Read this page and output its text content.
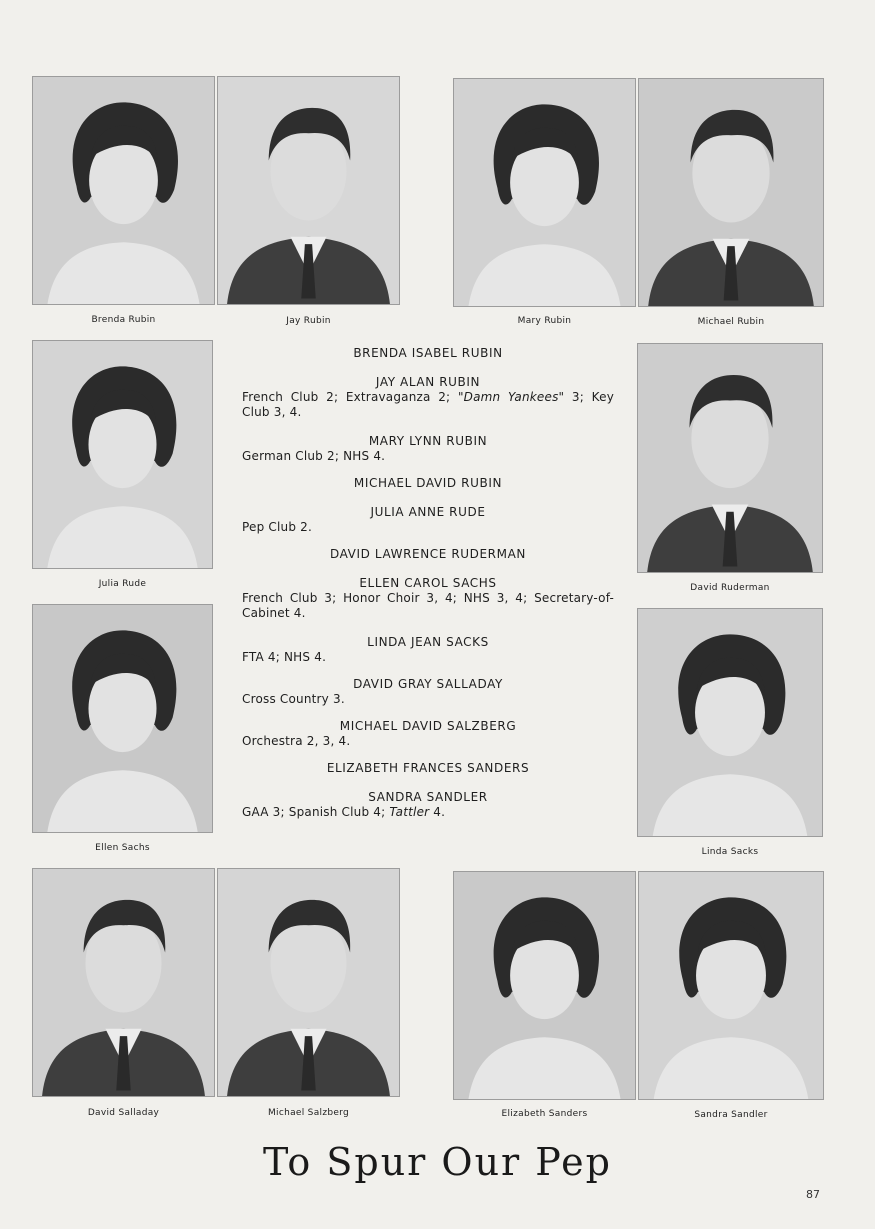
Brenda Rubin	Jay Rubin	Mary Rubin	Michael Rubin
Julia Rude	David Ruderman
Ellen Sachs	Linda Sacks
David Salladay	Michael Salzberg	Elizabeth Sanders	Sandra Sandler
BRENDA ISABEL RUBIN
JAY ALAN RUBIN
French Club 2; Extravaganza 2; "Damn Yankees" 3; Key Club 3, 4.
MARY LYNN RUBIN
German Club 2; NHS 4.
MICHAEL DAVID RUBIN
JULIA ANNE RUDE
Pep Club 2.
DAVID LAWRENCE RUDERMAN
ELLEN CAROL SACHS
French Club 3; Honor Choir 3, 4; NHS 3, 4; Secretary-of-Cabinet 4.
LINDA JEAN SACKS
FTA 4; NHS 4.
DAVID GRAY SALLADAY
Cross Country 3.
MICHAEL DAVID SALZBERG
Orchestra 2, 3, 4.
ELIZABETH FRANCES SANDERS
SANDRA SANDLER
GAA 3; Spanish Club 4; Tattler 4.
To Spur Our Pep
87
